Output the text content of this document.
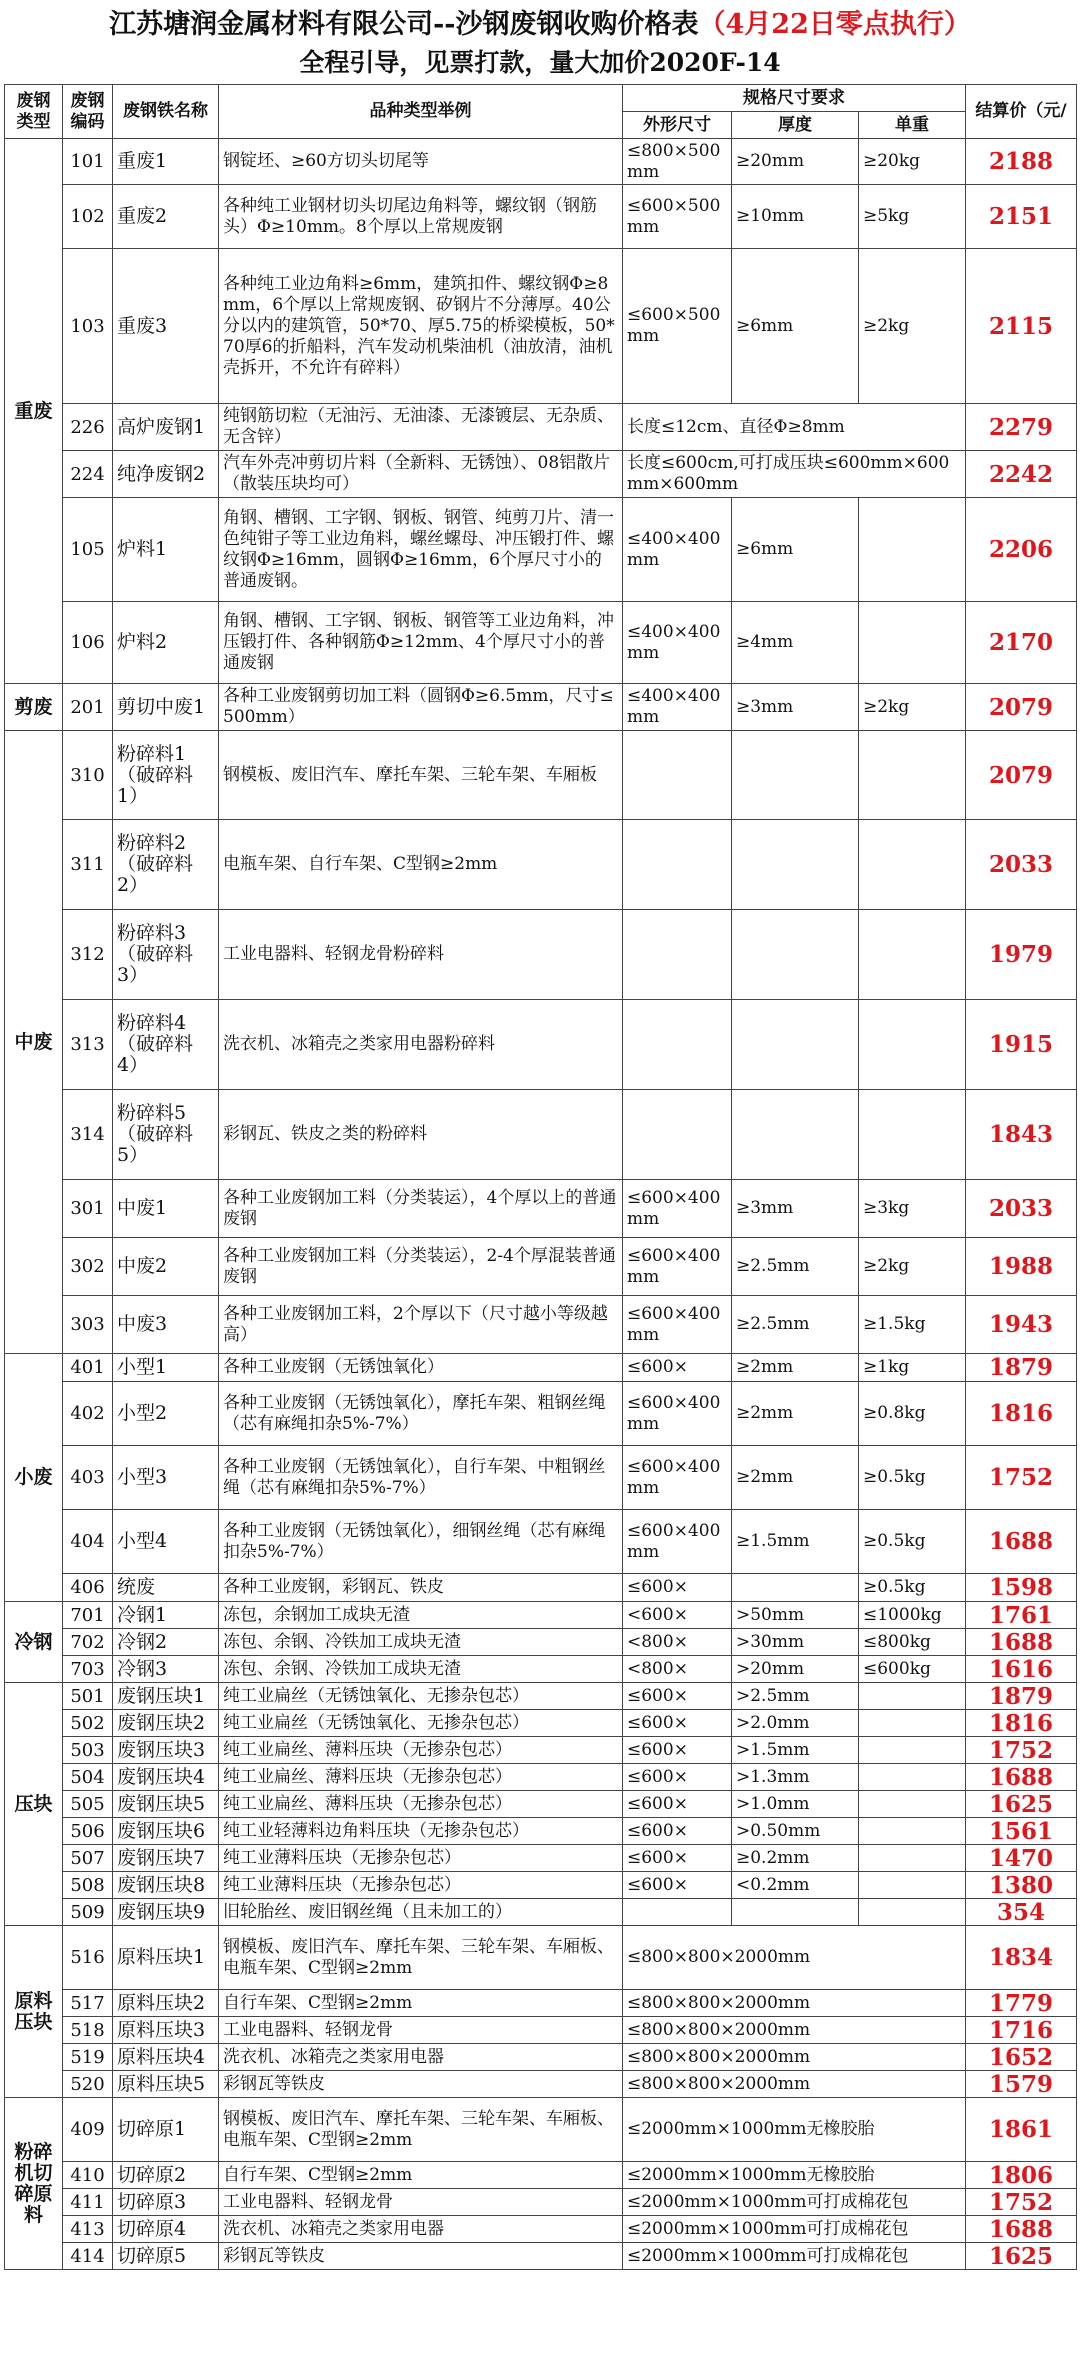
江苏塘润金属材料有限公司--沙钢废钢收购价格表（4月22日零点执行）
全程引导，见票打款，量大加价2020F-14
废钢类型	废钢编码	废钢铁名称	品种类型举例	规格尺寸要求			结算价（元/
				外形尺寸	厚度	单重	
重废	101	重废1	钢锭坯、≥60方切头切尾等	≤800×500mm	≥20mm	≥20kg	2188
	102	重废2	各种纯工业钢材切头切尾边角料等，螺纹钢（钢筋头）Φ≥10mm。8个厚以上常规废钢	≤600×500mm	≥10mm	≥5kg	2151
	103	重废3	各种纯工业边角料≥6mm，建筑扣件、螺纹钢Φ≥8mm，6个厚以上常规废钢、矽钢片不分薄厚。40公分以内的建筑管，50*70、厚5.75的桥梁模板，50*70厚6的折船料，汽车发动机柴油机（油放清，油机壳拆开，不允许有碎料）	≤600×500mm	≥6mm	≥2kg	2115
	226	高炉废钢1	纯钢筋切粒（无油污、无油漆、无漆镀层、无杂质、无含锌）	长度≤12cm、直径Φ≥8mm			2279
	224	纯净废钢2	汽车外壳冲剪切片料（全新料、无锈蚀）、08铝散片（散装压块均可）	长度≤600cm,可打成压块≤600mm×600mm×600mm			2242
	105	炉料1	角钢、槽钢、工字钢、钢板、钢管、纯剪刀片、清一色纯钳子等工业边角料，螺丝螺母、冲压锻打件、螺纹钢Φ≥16mm，圆钢Φ≥16mm，6个厚尺寸小的普通废钢。	≤400×400mm	≥6mm		2206
	106	炉料2	角钢、槽钢、工字钢、钢板、钢管等工业边角料，冲压锻打件、各种钢筋Φ≥12mm、4个厚尺寸小的普通废钢	≤400×400mm	≥4mm		2170
剪废	201	剪切中废1	各种工业废钢剪切加工料（圆钢Φ≥6.5mm，尺寸≤500mm）	≤400×400mm	≥3mm	≥2kg	2079
中废	310	粉碎料1（破碎料1）	钢模板、废旧汽车、摩托车架、三轮车架、车厢板				2079
	311	粉碎料2（破碎料2）	电瓶车架、自行车架、C型钢≥2mm				2033
	312	粉碎料3（破碎料3）	工业电器料、轻钢龙骨粉碎料				1979
	313	粉碎料4（破碎料4）	洗衣机、冰箱壳之类家用电器粉碎料				1915
	314	粉碎料5（破碎料5）	彩钢瓦、铁皮之类的粉碎料				1843
	301	中废1	各种工业废钢加工料（分类装运），4个厚以上的普通废钢	≤600×400mm	≥3mm	≥3kg	2033
	302	中废2	各种工业废钢加工料（分类装运），2-4个厚混装普通废钢	≤600×400mm	≥2.5mm	≥2kg	1988
	303	中废3	各种工业废钢加工料，2个厚以下（尺寸越小等级越高）	≤600×400mm	≥2.5mm	≥1.5kg	1943
小废	401	小型1	各种工业废钢（无锈蚀氧化）	≤600×	≥2mm	≥1kg	1879
	402	小型2	各种工业废钢（无锈蚀氧化），摩托车架、粗钢丝绳（芯有麻绳扣杂5%-7%）	≤600×400mm	≥2mm	≥0.8kg	1816
	403	小型3	各种工业废钢（无锈蚀氧化），自行车架、中粗钢丝绳（芯有麻绳扣杂5%-7%）	≤600×400mm	≥2mm	≥0.5kg	1752
	404	小型4	各种工业废钢（无锈蚀氧化），细钢丝绳（芯有麻绳扣杂5%-7%）	≤600×400mm	≥1.5mm	≥0.5kg	1688
	406	统废	各种工业废钢，彩钢瓦、铁皮	≤600×		≥0.5kg	1598
冷钢	701	冷钢1	冻包，余钢加工成块无渣	<600×	>50mm	≤1000kg	1761
	702	冷钢2	冻包、余钢、冷铁加工成块无渣	<800×	>30mm	≤800kg	1688
	703	冷钢3	冻包、余钢、冷铁加工成块无渣	<800×	>20mm	≤600kg	1616
压块	501	废钢压块1	纯工业扁丝（无锈蚀氧化、无掺杂包芯）	≤600×	>2.5mm		1879
	502	废钢压块2	纯工业扁丝（无锈蚀氧化、无掺杂包芯）	≤600×	>2.0mm		1816
	503	废钢压块3	纯工业扁丝、薄料压块（无掺杂包芯）	≤600×	>1.5mm		1752
	504	废钢压块4	纯工业扁丝、薄料压块（无掺杂包芯）	≤600×	>1.3mm		1688
	505	废钢压块5	纯工业扁丝、薄料压块（无掺杂包芯）	≤600×	>1.0mm		1625
	506	废钢压块6	纯工业轻薄料边角料压块（无掺杂包芯）	≤600×	>0.50mm		1561
	507	废钢压块7	纯工业薄料压块（无掺杂包芯）	≤600×	≥0.2mm		1470
	508	废钢压块8	纯工业薄料压块（无掺杂包芯）	≤600×	<0.2mm		1380
	509	废钢压块9	旧轮胎丝、废旧钢丝绳（且未加工的）				354
原料压块	516	原料压块1	钢模板、废旧汽车、摩托车架、三轮车架、车厢板、电瓶车架、C型钢≥2mm	≤800×800×2000mm			1834
	517	原料压块2	自行车架、C型钢≥2mm	≤800×800×2000mm			1779
	518	原料压块3	工业电器料、轻钢龙骨	≤800×800×2000mm			1716
	519	原料压块4	洗衣机、冰箱壳之类家用电器	≤800×800×2000mm			1652
	520	原料压块5	彩钢瓦等铁皮	≤800×800×2000mm			1579
粉碎机切碎原料	409	切碎原1	钢模板、废旧汽车、摩托车架、三轮车架、车厢板、电瓶车架、C型钢≥2mm	≤2000mm×1000mm无橡胶胎			1861
	410	切碎原2	自行车架、C型钢≥2mm	≤2000mm×1000mm无橡胶胎			1806
	411	切碎原3	工业电器料、轻钢龙骨	≤2000mm×1000mm可打成棉花包			1752
	413	切碎原4	洗衣机、冰箱壳之类家用电器	≤2000mm×1000mm可打成棉花包			1688
	414	切碎原5	彩钢瓦等铁皮	≤2000mm×1000mm可打成棉花包			1625
